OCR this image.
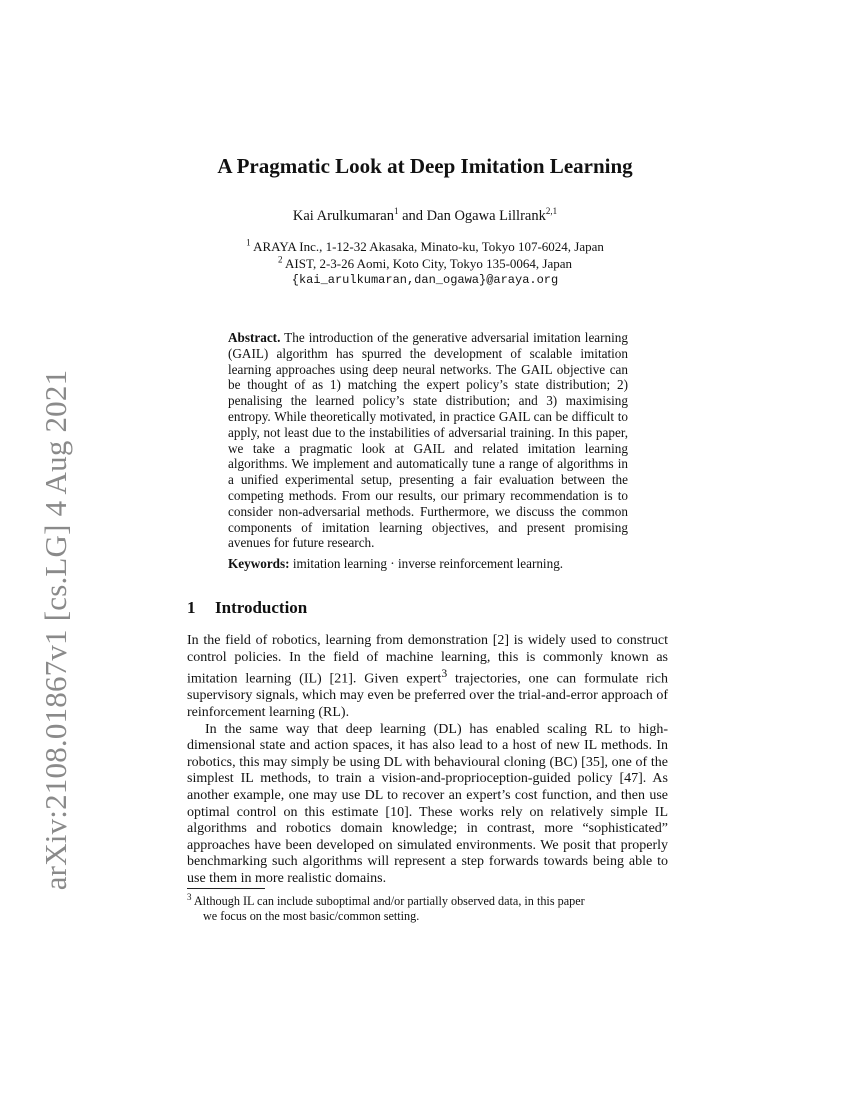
arXiv:2108.01867v1 [cs.LG] 4 Aug 2021
A Pragmatic Look at Deep Imitation Learning
Kai Arulkumaran$^1$ and Dan Ogawa Lillrank$^{2,1}$
$^1$ ARAYA Inc., 1-12-32 Akasaka, Minato-ku, Tokyo 107-6024, Japan
$^2$ AIST, 2-3-26 Aomi, Koto City, Tokyo 135-0064, Japan
{kai_arulkumaran,dan_ogawa}@araya.org
Abstract. The introduction of the generative adversarial imitation learning (GAIL) algorithm has spurred the development of scalable imitation learning approaches using deep neural networks. The GAIL objective can be thought of as 1) matching the expert policy’s state distribution; 2) penalising the learned policy’s state distribution; and 3) maximising entropy. While theoretically motivated, in practice GAIL can be difficult to apply, not least due to the instabilities of adversarial training. In this paper, we take a pragmatic look at GAIL and related imitation learning algorithms. We implement and automatically tune a range of algorithms in a unified experimental setup, presenting a fair evaluation between the competing methods. From our results, our primary recommendation is to consider non-adversarial methods. Furthermore, we discuss the common components of imitation learning objectives, and present promising avenues for future research.
Keywords: imitation learning · inverse reinforcement learning.
1 Introduction

In the field of robotics, learning from demonstration [2] is widely used to construct control policies. In the field of machine learning, this is commonly known as imitation learning (IL) [21]. Given expert$^3$ trajectories, one can formulate rich supervisory signals, which may even be preferred over the trial-and-error approach of reinforcement learning (RL).

In the same way that deep learning (DL) has enabled scaling RL to high-dimensional state and action spaces, it has also lead to a host of new IL methods. In robotics, this may simply be using DL with behavioural cloning (BC) [35], one of the simplest IL methods, to train a vision-and-proprioception-guided policy [47]. As another example, one may use DL to recover an expert’s cost function, and then use optimal control on this estimate [10]. These works rely on relatively simple IL algorithms and robotics domain knowledge; in contrast, more “sophisticated” approaches have been developed on simulated environments. We posit that properly benchmarking such algorithms will represent a step forwards towards being able to use them in more realistic domains.

$^3$ Although IL can include suboptimal and/or partially observed data, in this paper
we focus on the most basic/common setting.
